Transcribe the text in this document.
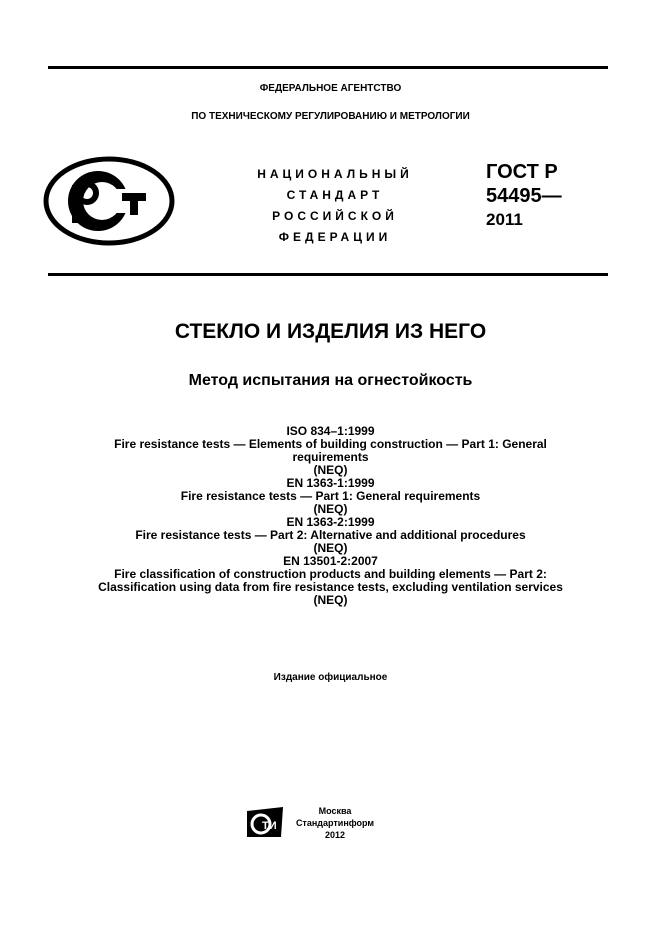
ФЕДЕРАЛЬНОЕ АГЕНТСТВО
ПО ТЕХНИЧЕСКОМУ РЕГУЛИРОВАНИЮ И МЕТРОЛОГИИ
НАЦИОНАЛЬНЫЙ
СТАНДАРТ
РОССИЙСКОЙ
ФЕДЕРАЦИИ
ГОСТ Р
54495—
2011
СТЕКЛО И ИЗДЕЛИЯ ИЗ НЕГО
Метод испытания на огнестойкость
ISO 834–1:1999
Fire resistance tests — Elements of building construction — Part 1: General
requirements
(NEQ)
EN 1363-1:1999
Fire resistance tests — Part 1: General requirements
(NEQ)
EN 1363-2:1999
Fire resistance tests — Part 2: Alternative and additional procedures
(NEQ)
EN 13501-2:2007
Fire classification of construction products and building elements — Part 2:
Classification using data from fire resistance tests, excluding ventilation services
(NEQ)
Издание официальное
ТИ
Москва
Стандартинформ
2012
